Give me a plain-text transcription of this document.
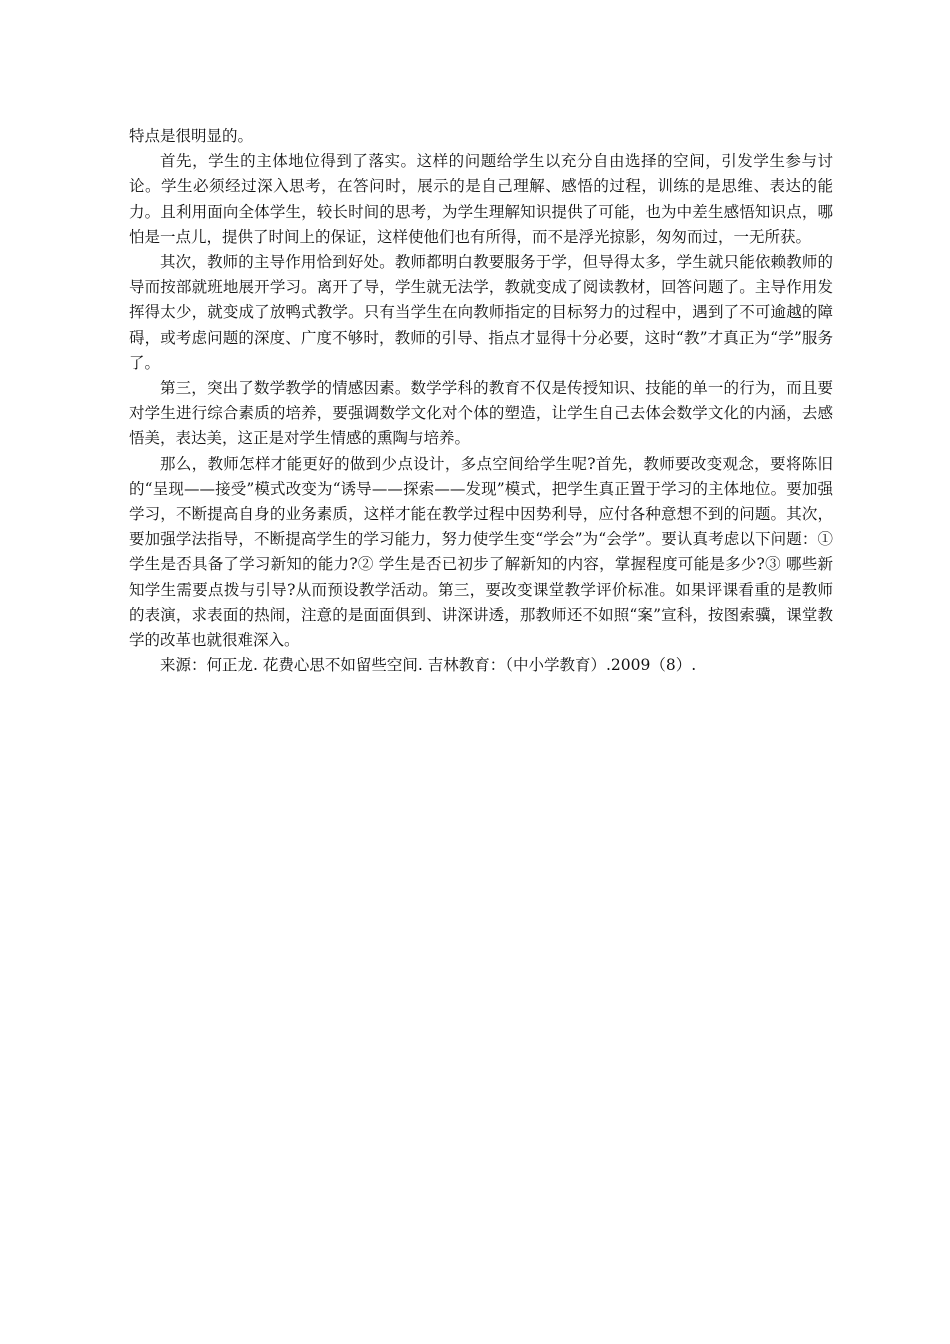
特点是很明显的。

首先，学生的主体地位得到了落实。这样的问题给学生以充分自由选择的空间，引发学生参与讨论。学生必须经过深入思考，在答问时，展示的是自己理解、感悟的过程，训练的是思维、表达的能力。且利用面向全体学生，较长时间的思考，为学生理解知识提供了可能，也为中差生感悟知识点，哪怕是一点儿，提供了时间上的保证，这样使他们也有所得，而不是浮光掠影，匆匆而过，一无所获。

其次，教师的主导作用恰到好处。教师都明白教要服务于学，但导得太多，学生就只能依赖教师的导而按部就班地展开学习。离开了导，学生就无法学，教就变成了阅读教材，回答问题了。主导作用发挥得太少，就变成了放鸭式教学。只有当学生在向教师指定的目标努力的过程中，遇到了不可逾越的障碍，或考虑问题的深度、广度不够时，教师的引导、指点才显得十分必要，这时“教”才真正为“学”服务了。

第三，突出了数学教学的情感因素。数学学科的教育不仅是传授知识、技能的单一的行为，而且要对学生进行综合素质的培养，要强调数学文化对个体的塑造，让学生自己去体会数学文化的内涵，去感悟美，表达美，这正是对学生情感的熏陶与培养。

那么，教师怎样才能更好的做到少点设计，多点空间给学生呢?首先，教师要改变观念，要将陈旧的“呈现——接受”模式改变为“诱导——探索——发现”模式，把学生真正置于学习的主体地位。要加强学习，不断提高自身的业务素质，这样才能在教学过程中因势利导，应付各种意想不到的问题。其次，要加强学法指导，不断提高学生的学习能力，努力使学生变“学会”为“会学”。要认真考虑以下问题：①学生是否具备了学习新知的能力?② 学生是否已初步了解新知的内容，掌握程度可能是多少?③ 哪些新知学生需要点拨与引导?从而预设教学活动。第三，要改变课堂教学评价标准。如果评课看重的是教师的表演，求表面的热闹，注意的是面面俱到、讲深讲透，那教师还不如照“案”宣科，按图索骥，课堂教学的改革也就很难深入。

来源：何正龙. 花费心思不如留些空间. 吉林教育：（中小学教育）.2009（8）.
